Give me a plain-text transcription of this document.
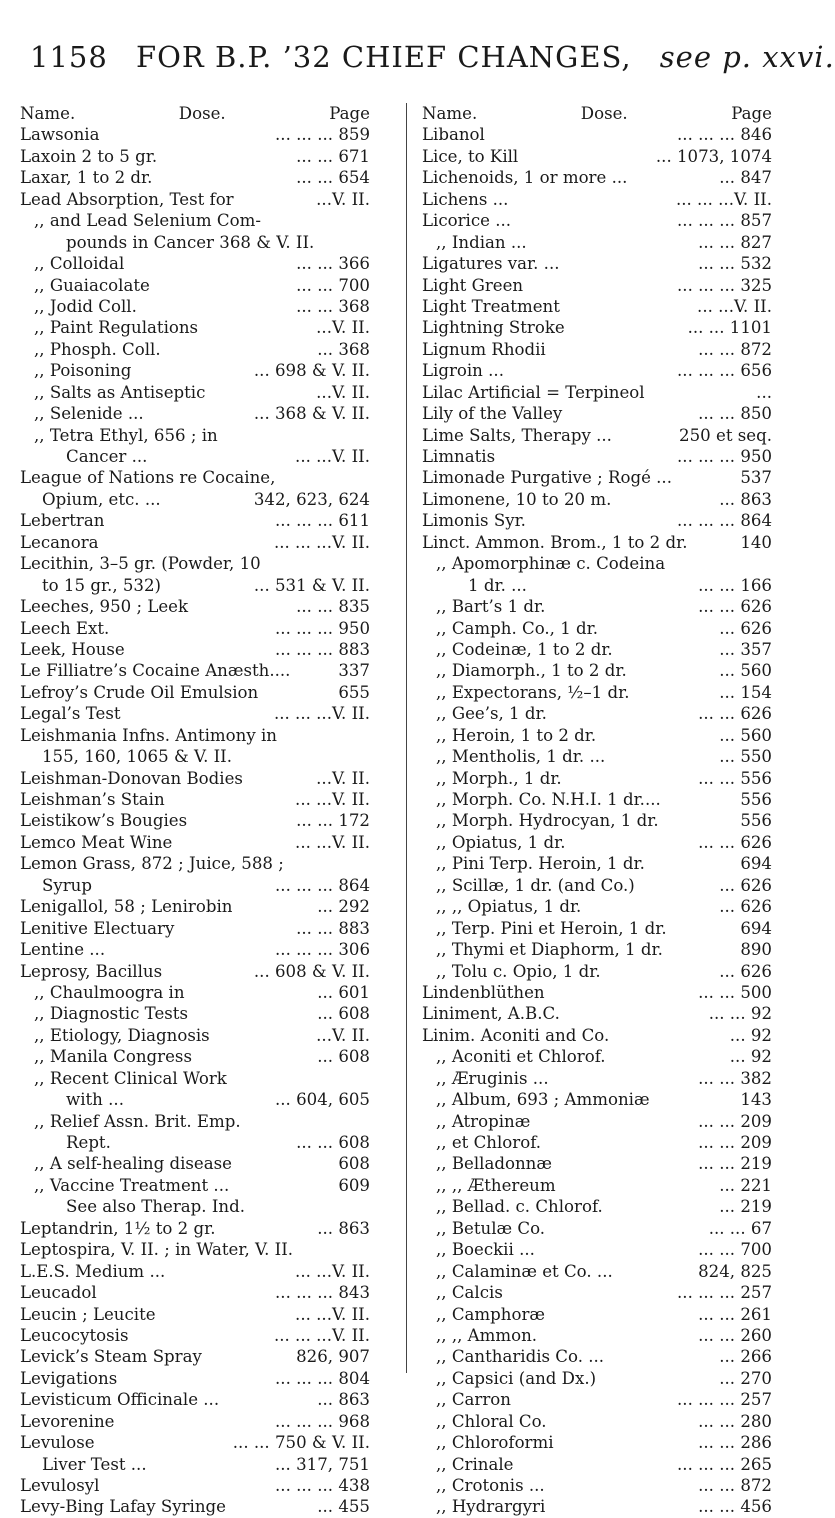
1158 FOR B.P. ’32 CHIEF CHANGES, see p. xxvi.
Name.	Dose.	Page
Lawsonia	... ... ... 859
Laxoin 2 to 5 gr.	... ... 671
Laxar, 1 to 2 dr.	... ... 654
Lead Absorption, Test for	...V. II.
,, and Lead Selenium Com-
pounds in Cancer 368 & V. II.
,, Colloidal	... ... 366
,, Guaiacolate	... ... 700
,, Jodid Coll.	... ... 368
,, Paint Regulations	...V. II.
,, Phosph. Coll.	... 368
,, Poisoning	... 698 & V. II.
,, Salts as Antiseptic	...V. II.
,, Selenide ...	... 368 & V. II.
,, Tetra Ethyl, 656 ; in
Cancer ...	... ...V. II.
League of Nations re Cocaine,
Opium, etc. ...	342, 623, 624
Lebertran	... ... ... 611
Lecanora	... ... ...V. II.
Lecithin, 3–5 gr. (Powder, 10
to 15 gr., 532)	... 531 & V. II.
Leeches, 950 ; Leek	... ... 835
Leech Ext.	... ... ... 950
Leek, House	... ... ... 883
Le Filliatre’s Cocaine Anæsth....	337
Lefroy’s Crude Oil Emulsion	655
Legal’s Test	... ... ...V. II.
Leishmania Infns. Antimony in
155, 160, 1065 & V. II.
Leishman-Donovan Bodies	...V. II.
Leishman’s Stain	... ...V. II.
Leistikow’s Bougies	... ... 172
Lemco Meat Wine	... ...V. II.
Lemon Grass, 872 ; Juice, 588 ;
Syrup	... ... ... 864
Lenigallol, 58 ; Lenirobin	... 292
Lenitive Electuary	... ... 883
Lentine ...	... ... ... 306
Leprosy, Bacillus	... 608 & V. II.
,, Chaulmoogra in	... 601
,, Diagnostic Tests	... 608
,, Etiology, Diagnosis	...V. II.
,, Manila Congress	... 608
,, Recent Clinical Work
with ...	... 604, 605
,, Relief Assn. Brit. Emp.
Rept.	... ... 608
,, A self-healing disease	608
,, Vaccine Treatment ...	609
See also Therap. Ind.
Leptandrin, 1½ to 2 gr.	... 863
Leptospira, V. II. ; in Water, V. II.
L.E.S. Medium ...	... ...V. II.
Leucadol	... ... ... 843
Leucin ; Leucite	... ...V. II.
Leucocytosis	... ... ...V. II.
Levick’s Steam Spray	826, 907
Levigations	... ... ... 804
Levisticum Officinale ...	... 863
Levorenine	... ... ... 968
Levulose	... ... 750 & V. II.
Liver Test ...	... 317, 751
Levulosyl	... ... ... 438
Levy-Bing Lafay Syringe	... 455
Name.	Dose.	Page
Libanol	... ... ... 846
Lice, to Kill	... 1073, 1074
Lichenoids, 1 or more ...	... 847
Lichens ...	... ... ...V. II.
Licorice ...	... ... ... 857
,, Indian ...	... ... 827
Ligatures var. ...	... ... 532
Light Green	... ... ... 325
Light Treatment	... ...V. II.
Lightning Stroke	... ... 1101
Lignum Rhodii	... ... 872
Ligroin ...	... ... ... 656
Lilac Artificial = Terpineol	...
Lily of the Valley	... ... 850
Lime Salts, Therapy ...	250 et seq.
Limnatis	... ... ... 950
Limonade Purgative ; Rogé ...	537
Limonene, 10 to 20 m.	... 863
Limonis Syr.	... ... ... 864
Linct. Ammon. Brom., 1 to 2 dr.	140
,, Apomorphinæ c. Codeina
1 dr. ...	... ... 166
,, Bart’s 1 dr.	... ... 626
,, Camph. Co., 1 dr.	... 626
,, Codeinæ, 1 to 2 dr.	... 357
,, Diamorph., 1 to 2 dr.	... 560
,, Expectorans, ½–1 dr.	... 154
,, Gee’s, 1 dr.	... ... 626
,, Heroin, 1 to 2 dr.	... 560
,, Mentholis, 1 dr. ...	... 550
,, Morph., 1 dr.	... ... 556
,, Morph. Co. N.H.I. 1 dr....	556
,, Morph. Hydrocyan, 1 dr.	556
,, Opiatus, 1 dr.	... ... 626
,, Pini Terp. Heroin, 1 dr.	694
,, Scillæ, 1 dr. (and Co.)	... 626
,, ,, Opiatus, 1 dr.	... 626
,, Terp. Pini et Heroin, 1 dr.	694
,, Thymi et Diaphorm, 1 dr.	890
,, Tolu c. Opio, 1 dr.	... 626
Lindenblüthen	... ... 500
Liniment, A.B.C.	... ... 92
Linim. Aconiti and Co.	... 92
,, Aconiti et Chlorof.	... 92
,, Æruginis ...	... ... 382
,, Album, 693 ; Ammoniæ	143
,, Atropinæ	... ... 209
,, et Chlorof.	... ... 209
,, Belladonnæ	... ... 219
,, ,, Æthereum	... 221
,, Bellad. c. Chlorof.	... 219
,, Betulæ Co.	... ... 67
,, Boeckii ...	... ... 700
,, Calaminæ et Co. ...	824, 825
,, Calcis	... ... ... 257
,, Camphoræ	... ... 261
,, ,, Ammon.	... ... 260
,, Cantharidis Co. ...	... 266
,, Capsici (and Dx.)	... 270
,, Carron	... ... ... 257
,, Chloral Co.	... ... 280
,, Chloroformi	... ... 286
,, Crinale	... ... ... 265
,, Crotonis ...	... ... 872
,, Hydrargyri	... ... 456
